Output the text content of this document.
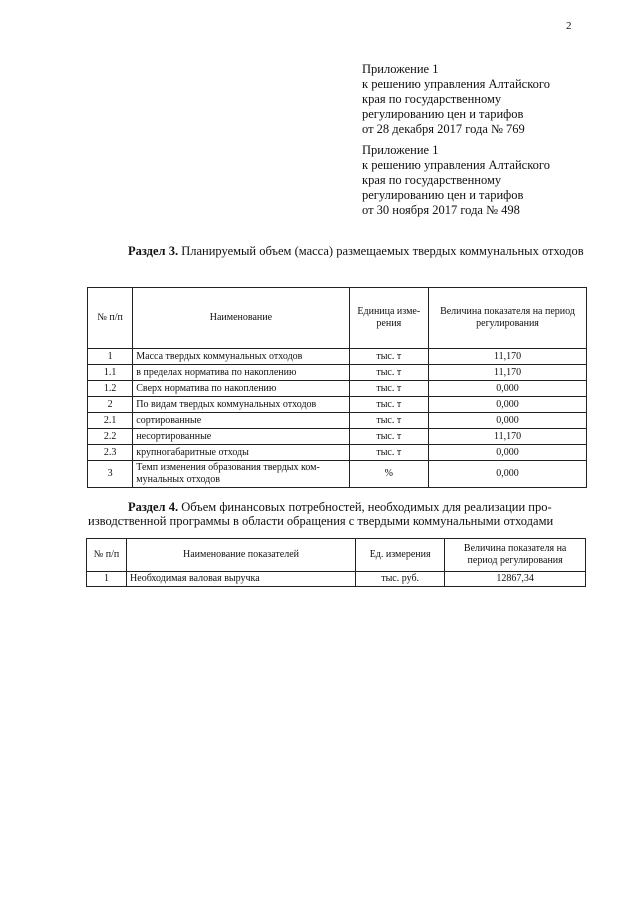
2
Приложение 1
к решению управления Алтайского
края по государственному
регулированию цен и тарифов
от 28 декабря 2017 года № 769
Приложение 1
к решению управления Алтайского
края по государственному
регулированию цен и тарифов
от 30 ноября 2017 года № 498
Раздел 3. Планируемый объем (масса) размещаемых твердых коммунальных отходов
№ п/п	Наименование	Единица изме-рения	Величина показателя на период регулирования
1	Масса твердых коммунальных отходов	тыс. т	11,170
1.1	в пределах норматива по накоплению	тыс. т	11,170
1.2	Сверх норматива по накоплению	тыс. т	0,000
2	По видам твердых коммунальных отходов	тыс. т	0,000
2.1	сортированные	тыс. т	0,000
2.2	несортированные	тыс. т	11,170
2.3	крупногабаритные отходы	тыс. т	0,000
3	Темп изменения образования твердых ком-мунальных отходов	%	0,000
Раздел 4. Объем финансовых потребностей, необходимых для реализации про-изводственной программы в области обращения с твердыми коммунальными отходами
№ п/п	Наименование показателей	Ед. измерения	Величина показателя на период регулирования
1	Необходимая валовая выручка	тыс. руб.	12867,34
